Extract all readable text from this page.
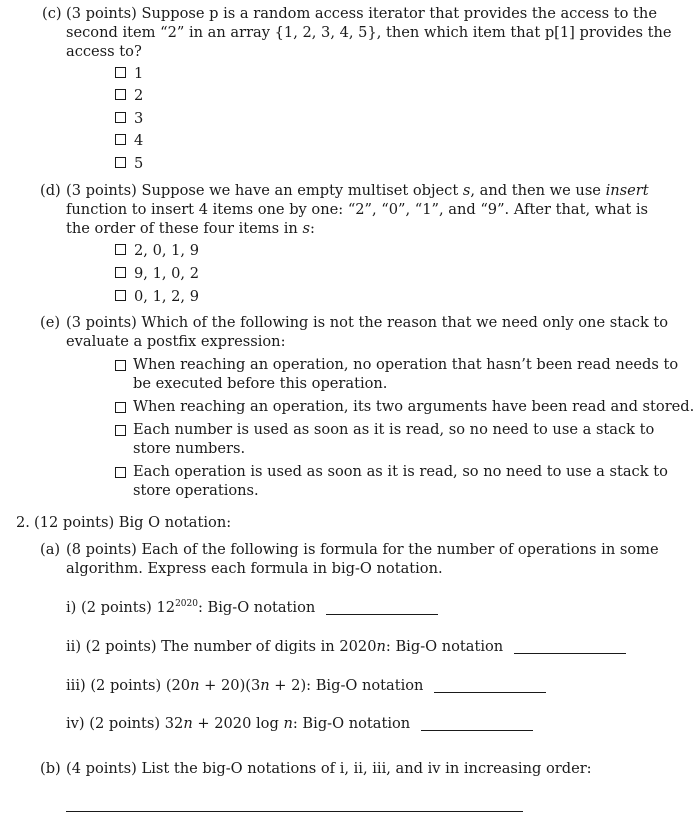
(c) (3 points) Suppose p is a random access iterator that provides the access to the
second item “2” in an array {1, 2, 3, 4, 5}, then which item that p[1] provides the
access to?
1
2
3
4
5
(d) (3 points) Suppose we have an empty multiset object s, and then we use insert
function to insert 4 items one by one: “2”, “0”, “1”, and “9”. After that, what is
the order of these four items in s:
2, 0, 1, 9
9, 1, 0, 2
0, 1, 2, 9
(e) (3 points) Which of the following is not the reason that we need only one stack to
evaluate a postfix expression:
When reaching an operation, no operation that hasn’t been read needs to
be executed before this operation.
When reaching an operation, its two arguments have been read and stored.
Each number is used as soon as it is read, so no need to use a stack to
store numbers.
Each operation is used as soon as it is read, so no need to use a stack to
store operations.
2. (12 points) Big O notation:
(a) (8 points) Each of the following is formula for the number of operations in some
algorithm. Express each formula in big-O notation.
i) (2 points) $12^{2020}$: Big-O notation
ii) (2 points) The number of digits in 2020n: Big-O notation
iii) (2 points) (20n + 20)(3n + 2): Big-O notation
iv) (2 points) 32n + 2020 log n: Big-O notation
(b) (4 points) List the big-O notations of i, ii, iii, and iv in increasing order:
